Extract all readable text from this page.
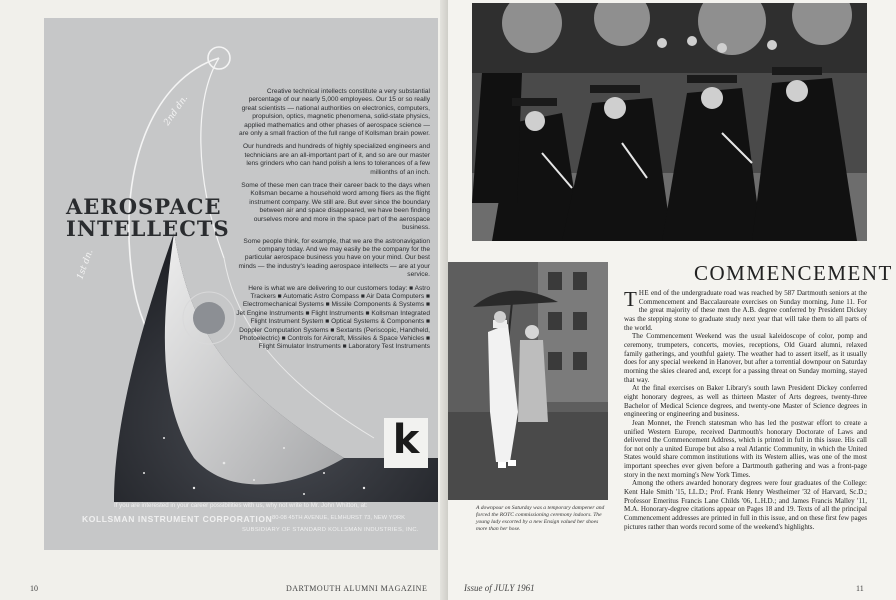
2nd dn.
1st dn.
AEROSPACE
INTELLECTS

Creative technical intellects constitute a very substantial percentage of our nearly 5,000 employees. Our 15 or so really great scientists — national authorities on electronics, computers, propulsion, optics, magnetic phenomena, solid-state physics, applied mathematics and other phases of aerospace science — are only a small fraction of the full range of Kollsman brain power.

Our hundreds and hundreds of highly specialized engineers and technicians are an all-important part of it, and so are our master lens grinders who can hand polish a lens to tolerances of a few millionths of an inch.

Some of these men can trace their career back to the days when Kollsman became a household word among fliers as the flight instrument company. We still are. But ever since the boundary between air and space disappeared, we have been finding ourselves more and more in the space part of the aerospace business.

Some people think, for example, that we are the astronavigation company today. And we may easily be the company for the particular aerospace business you have on your mind. Our best minds — the industry's leading aerospace intellects — are at your service.

Here is what we are delivering to our customers today: ■ Astro Trackers ■ Automatic Astro Compass ■ Air Data Computers ■ Electromechanical Systems ■ Missile Components & Systems ■ Jet Engine Instruments ■ Flight Instruments ■ Kollsman Integrated Flight Instrument System ■ Optical Systems & Components ■ Doppler Computation Systems ■ Sextants (Periscopic, Handheld, Photoelectric) ■ Controls for Aircraft, Missiles & Space Vehicles ■ Flight Simulator Instruments ■ Laboratory Test Instruments

k
If you are interested in your career possibilities with us, why not write to Mr. John Whitton, at:
KOLLSMAN INSTRUMENT CORPORATION 80-08 45TH AVENUE, ELMHURST 73, NEW YORK
SUBSIDIARY OF STANDARD KOLLSMAN INDUSTRIES, INC.
10	DARTMOUTH ALUMNI MAGAZINE
A downpour on Saturday was a temporary dampener and forced the ROTC commissioning ceremony indoors. The young lady escorted by a new Ensign valued her shoes more than her hose.
COMMENCEMENT

THE end of the undergraduate road was reached by 587 Dartmouth seniors at the Commencement and Baccalaureate exercises on Sunday morning, June 11. For the great majority of these men the A.B. degree conferred by President Dickey was the stepping stone to graduate study next year that will take them to all parts of the world.

The Commencement Weekend was the usual kaleidoscope of color, pomp and ceremony, trumpeters, concerts, movies, receptions, Old Guard alumni, relaxed family gatherings, and youthful gaiety. The weather had to assert itself, as it usually does for any special weekend in Hanover, but after a torrential downpour on Saturday morning the skies cleared and, except for a passing threat on Sunday morning, stayed that way.

At the final exercises on Baker Library's south lawn President Dickey conferred eight honorary degrees, as well as thirteen Master of Arts degrees, twenty-three Bachelor of Medical Science degrees, and twenty-one Master of Science degrees in engineering or engineering and business.

Jean Monnet, the French statesman who has led the postwar effort to create a unified Western Europe, received Dartmouth's honorary Doctorate of Laws and delivered the Commencement Address, which is printed in full in this issue. His call for not only a united Europe but also a real Atlantic Community, in which the United States would share common institutions with its Western allies, was one of the most important speeches ever given before a Dartmouth gathering and was a front-page story in the next morning's New York Times.

Among the others awarded honorary degrees were four graduates of the College: Kent Hale Smith '15, LL.D.; Prof. Frank Henry Westheimer '32 of Harvard, Sc.D.; Professor Emeritus Francis Lane Childs '06, L.H.D.; and James Francis Malley '11, M.A. Honorary-degree citations appear on Pages 18 and 19. Texts of all the principal Commencement addresses are printed in full in this issue, and on these first few pages pictures rather than words record some of the weekend's highlights.

Issue of JULY 1961	11
